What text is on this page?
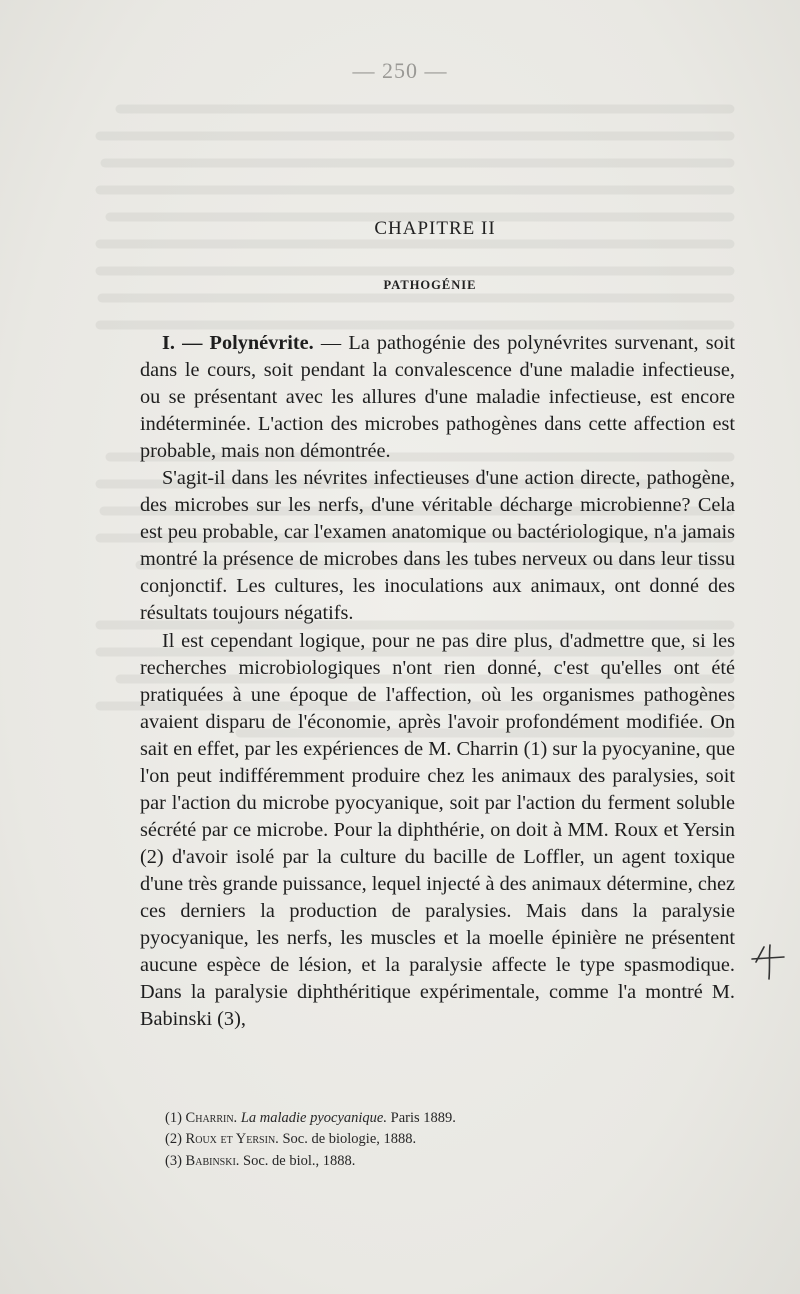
— 250 —
CHAPITRE II
PATHOGÉNIE

I. — Polynévrite. — La pathogénie des polynévrites survenant, soit dans le cours, soit pendant la convalescence d'une maladie infectieuse, ou se présentant avec les allures d'une maladie infectieuse, est encore indéterminée. L'action des microbes pathogènes dans cette affection est probable, mais non démontrée.

S'agit-il dans les névrites infectieuses d'une action directe, pathogène, des microbes sur les nerfs, d'une véritable décharge microbienne? Cela est peu probable, car l'examen anatomique ou bactériologique, n'a jamais montré la présence de microbes dans les tubes nerveux ou dans leur tissu conjonctif. Les cultures, les inoculations aux animaux, ont donné des résultats toujours négatifs.

Il est cependant logique, pour ne pas dire plus, d'admettre que, si les recherches microbiologiques n'ont rien donné, c'est qu'elles ont été pratiquées à une époque de l'affection, où les organismes pathogènes avaient disparu de l'économie, après l'avoir profondément modifiée. On sait en effet, par les expériences de M. Charrin (1) sur la pyocyanine, que l'on peut indifféremment produire chez les animaux des paralysies, soit par l'action du microbe pyocyanique, soit par l'action du ferment soluble sécrété par ce microbe. Pour la diphthérie, on doit à MM. Roux et Yersin (2) d'avoir isolé par la culture du bacille de Loffler, un agent toxique d'une très grande puissance, lequel injecté à des animaux détermine, chez ces derniers la production de paralysies. Mais dans la paralysie pyocyanique, les nerfs, les muscles et la moelle épinière ne présentent aucune espèce de lésion, et la paralysie affecte le type spasmodique. Dans la paralysie diphthéritique expérimentale, comme l'a montré M. Babinski (3),

(1) Charrin. La maladie pyocyanique. Paris 1889.
(2) Roux et Yersin. Soc. de biologie, 1888.
(3) Babinski. Soc. de biol., 1888.
